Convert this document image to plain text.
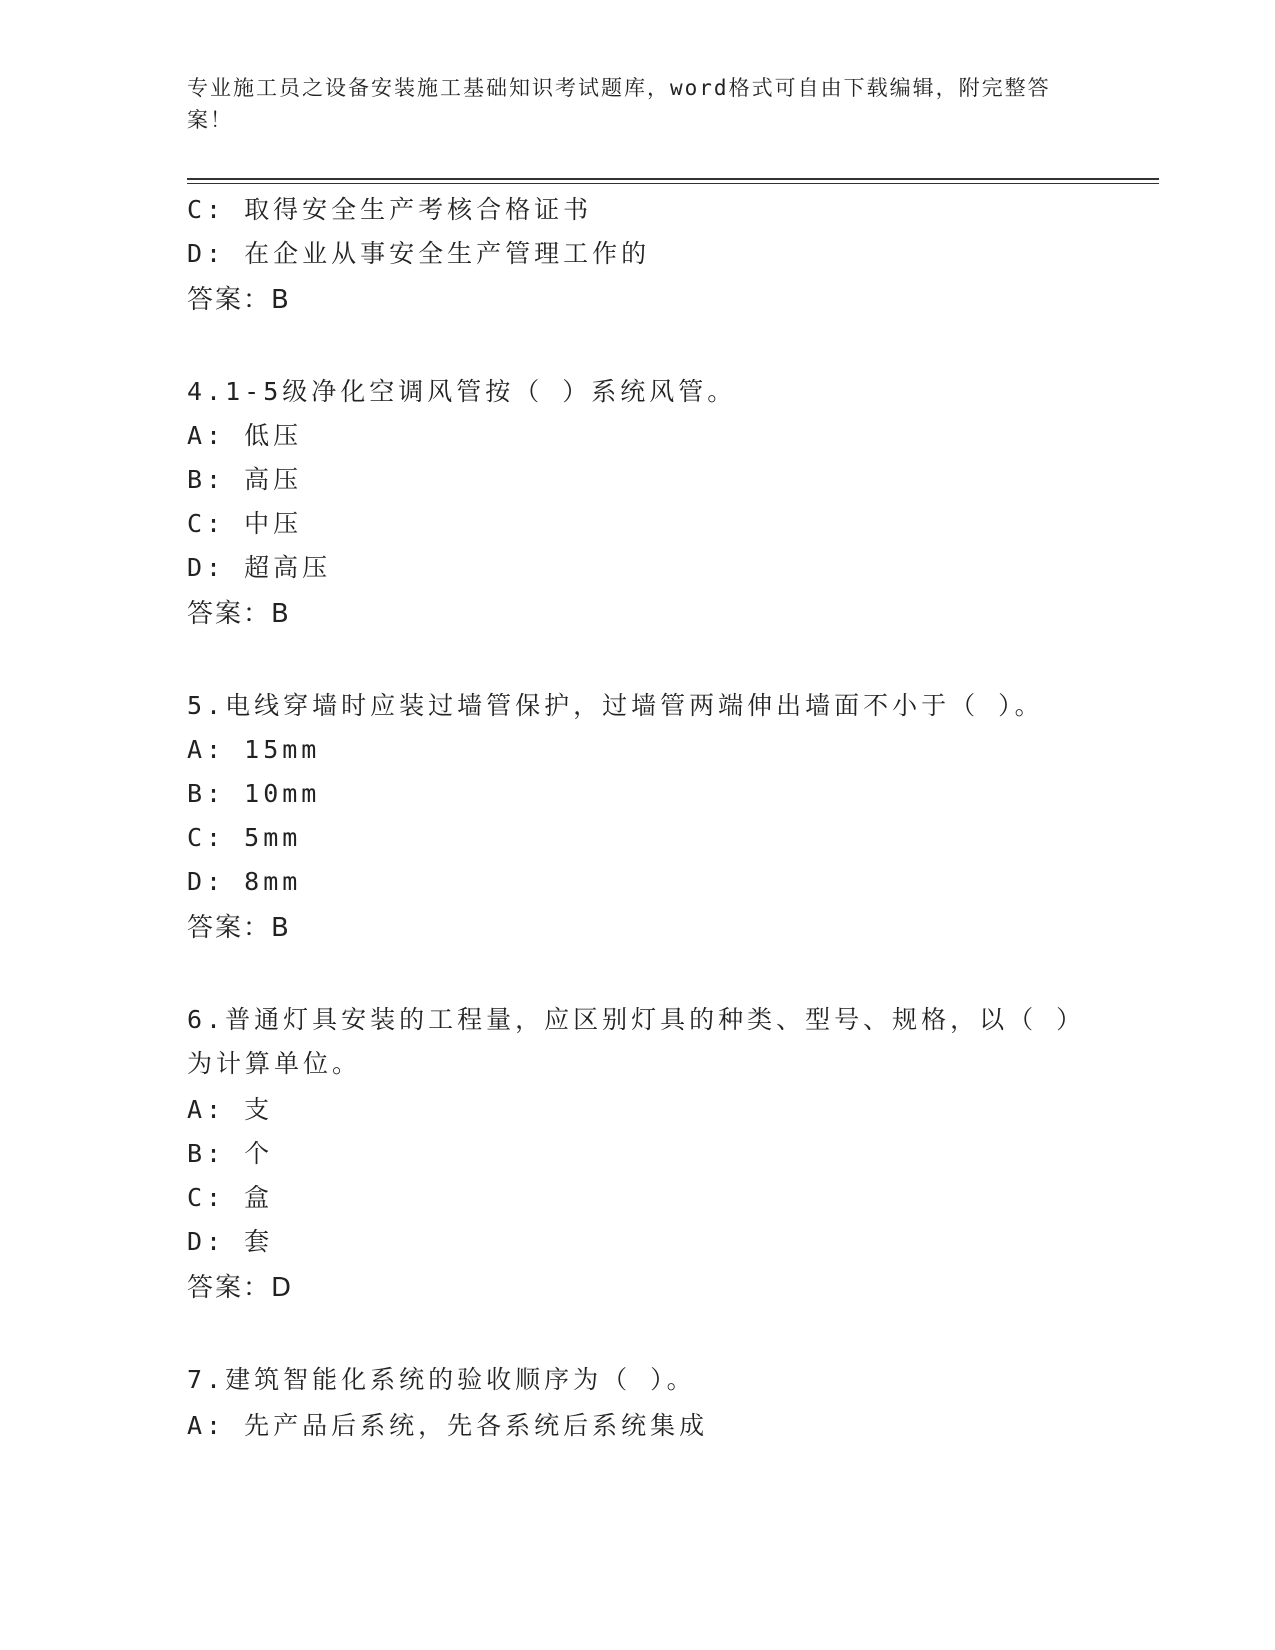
专业施工员之设备安装施工基础知识考试题库，word格式可自由下载编辑，附完整答案！
C: 取得安全生产考核合格证书
D: 在企业从事安全生产管理工作的
答案：B
4.1-5级净化空调风管按（ ）系统风管。
A: 低压
B: 高压
C: 中压
D: 超高压
答案：B
5.电线穿墙时应装过墙管保护，过墙管两端伸出墙面不小于（ ）。
A: 15mm
B: 10mm
C: 5mm
D: 8mm
答案：B
6.普通灯具安装的工程量，应区别灯具的种类、型号、规格，以（ ）
为计算单位。
A: 支
B: 个
C: 盒
D: 套
答案：D
7.建筑智能化系统的验收顺序为（ ）。
A: 先产品后系统，先各系统后系统集成
